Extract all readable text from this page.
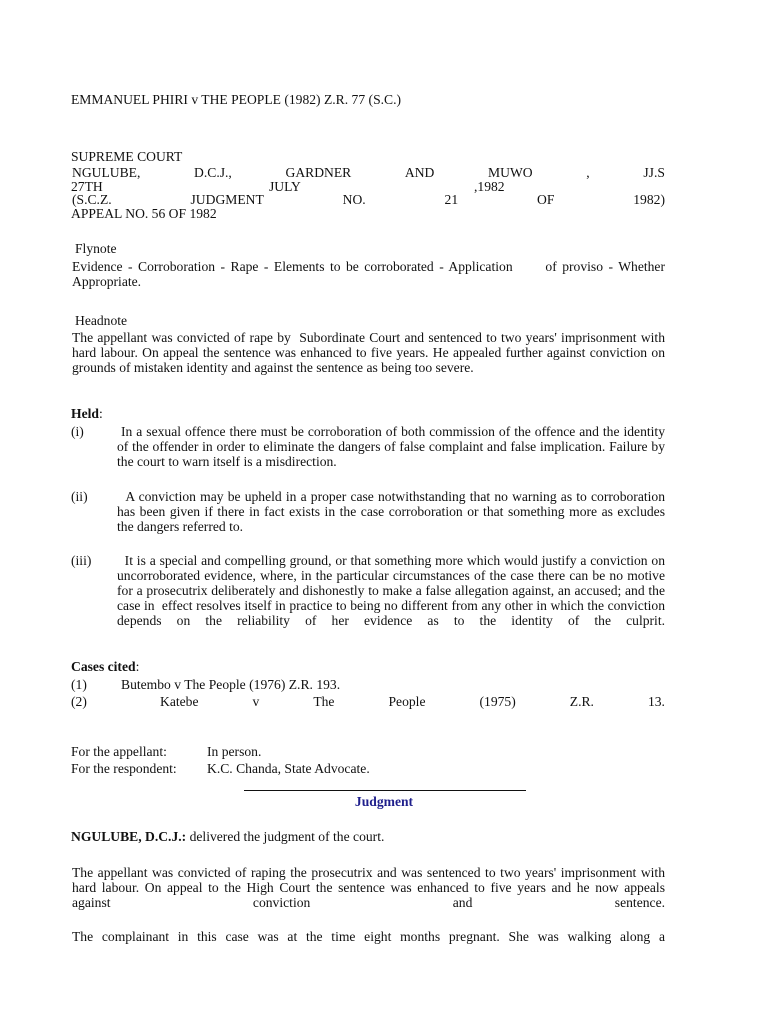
EMMANUEL PHIRI v THE PEOPLE (1982) Z.R. 77 (S.C.)
SUPREME COURT
NGULUBE,	D.C.J.,	GARDNER	AND	MUWO	,	JJ.S
27TH	JULY	,1982
(S.C.Z.	JUDGMENT	NO.	21	OF	1982)
APPEAL NO. 56 OF 1982
Flynote
Evidence - Corroboration - Rape - Elements to be corroborated - Application      of proviso - Whether Appropriate.
Headnote
The appellant was convicted of rape by  Subordinate Court and sentenced to two years' imprisonment with hard labour. On appeal the sentence was enhanced to five years. He appealed further against conviction on grounds of mistaken identity and against the sentence as being too severe.
Held:
(i) In a sexual offence there must be corroboration of both commission of the offence and the identity of the offender in order to eliminate the dangers of false complaint and false implication. Failure by the court to warn itself is a misdirection.
(ii) A conviction may be upheld in a proper case notwithstanding that no warning as to corroboration has been given if there in fact exists in the case corroboration or that something more as excludes the dangers referred to.
(iii) It is a special and compelling ground, or that something more which would justify a conviction on uncorroborated evidence, where, in the particular circumstances of the case there can be no motive for a prosecutrix deliberately and dishonestly to make a false allegation against, an accused; and the case in  effect resolves itself in practice to being no different from any other in which the conviction depends on the reliability of her evidence as to the identity of the culprit.
Cases cited:
(1)	Butembo v The People (1976) Z.R. 193.
(2)	Katebe	v	The	People	(1975)	Z.R.	13.
For the appellant:	In person.
For the respondent: K.C. Chanda, State Advocate.
Judgment
NGULUBE, D.C.J.: delivered the judgment of the court.
The appellant was convicted of raping the prosecutrix and was sentenced to two years' imprisonment with hard labour. On appeal to the High Court the sentence was enhanced to five years and he now appeals against conviction and sentence.
The complainant in this case was at the time eight months pregnant. She was walking along a
